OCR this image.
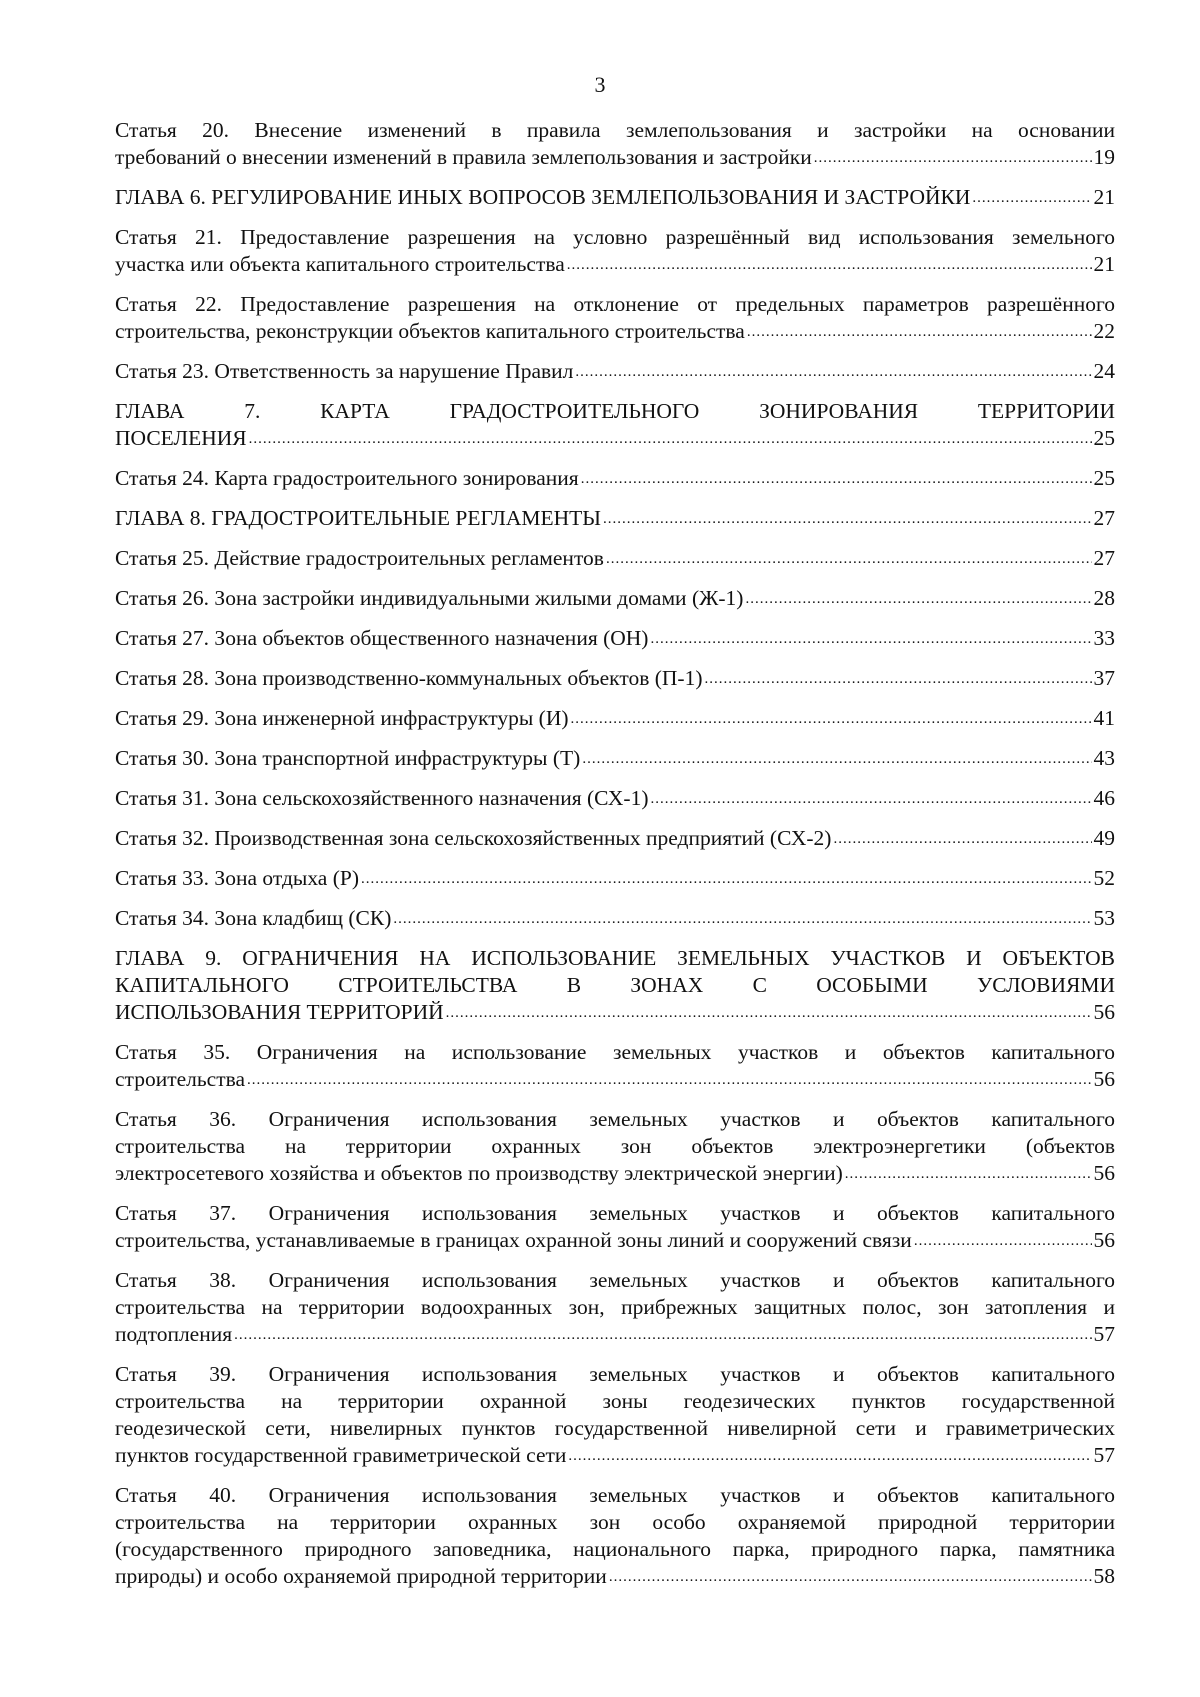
3
Статья 20. Внесение изменений в правила землепользования и застройки на основании
требований о внесении изменений в правила землепользования и застройки .....	19
ГЛАВА 6. РЕГУЛИРОВАНИЕ ИНЫХ ВОПРОСОВ ЗЕМЛЕПОЛЬЗОВАНИЯ И ЗАСТРОЙКИ .....	21
Статья 21. Предоставление разрешения на условно разрешённый вид использования земельного
участка или объекта капитального строительства .....	21
Статья 22. Предоставление разрешения на отклонение от предельных параметров разрешённого
строительства, реконструкции объектов капитального строительства .....	22
Статья 23. Ответственность за нарушение Правил .....	24
ГЛАВА 7. КАРТА ГРАДОСТРОИТЕЛЬНОГО ЗОНИРОВАНИЯ ТЕРРИТОРИИ
ПОСЕЛЕНИЯ .....	25
Статья 24. Карта градостроительного зонирования .....	25
ГЛАВА 8. ГРАДОСТРОИТЕЛЬНЫЕ РЕГЛАМЕНТЫ .....	27
Статья 25. Действие градостроительных регламентов .....	27
Статья 26. Зона застройки индивидуальными жилыми домами (Ж-1) .....	28
Статья 27. Зона объектов общественного назначения (ОН) .....	33
Статья 28. Зона производственно-коммунальных объектов (П-1) .....	37
Статья 29. Зона инженерной инфраструктуры (И) .....	41
Статья 30. Зона транспортной инфраструктуры (Т) .....	43
Статья 31. Зона сельскохозяйственного назначения (СХ-1) .....	46
Статья 32. Производственная зона сельскохозяйственных предприятий (СХ-2) .....	49
Статья 33. Зона отдыха (Р) .....	52
Статья 34. Зона кладбищ (СК) .....	53
ГЛАВА 9. ОГРАНИЧЕНИЯ НА ИСПОЛЬЗОВАНИЕ ЗЕМЕЛЬНЫХ УЧАСТКОВ И ОБЪЕКТОВ
КАПИТАЛЬНОГО СТРОИТЕЛЬСТВА В ЗОНАХ С ОСОБЫМИ УСЛОВИЯМИ
ИСПОЛЬЗОВАНИЯ ТЕРРИТОРИЙ .....	56
Статья 35. Ограничения на использование земельных участков и объектов капитального
строительства .....	56
Статья 36. Ограничения использования земельных участков и объектов капитального
строительства на территории охранных зон объектов электроэнергетики (объектов
электросетевого хозяйства и объектов по производству электрической энергии) .....	56
Статья 37. Ограничения использования земельных участков и объектов капитального
строительства, устанавливаемые в границах охранной зоны линий и сооружений связи .....	56
Статья 38. Ограничения использования земельных участков и объектов капитального
строительства на территории водоохранных зон, прибрежных защитных полос, зон затопления и
подтопления .....	57
Статья 39. Ограничения использования земельных участков и объектов капитального
строительства на территории охранной зоны геодезических пунктов государственной
геодезической сети, нивелирных пунктов государственной нивелирной сети и гравиметрических
пунктов государственной гравиметрической сети .....	57
Статья 40. Ограничения использования земельных участков и объектов капитального
строительства на территории охранных зон особо охраняемой природной территории
(государственного природного заповедника, национального парка, природного парка, памятника
природы) и особо охраняемой природной территории .....	58
